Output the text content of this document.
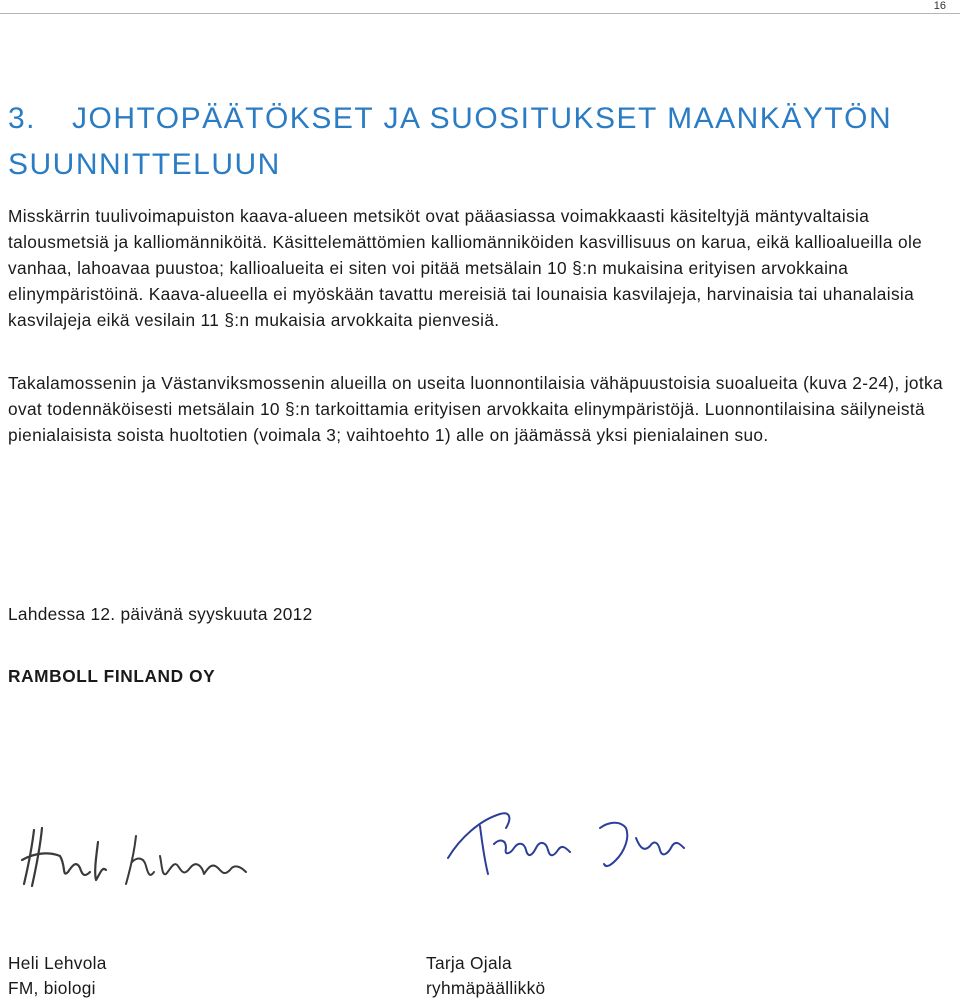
16
3. JOHTOPÄÄTÖKSET JA SUOSITUKSET MAANKÄYTÖN
SUUNNITTELUUN

Misskärrin tuulivoimapuiston kaava-alueen metsiköt ovat pääasiassa voimakkaasti käsiteltyjä mäntyvaltaisia talousmetsiä ja kalliomänniköitä. Käsittelemättömien kalliomänniköiden kasvillisuus on karua, eikä kallioalueilla ole vanhaa, lahoavaa puustoa; kallioalueita ei siten voi pitää metsälain 10 §:n mukaisina erityisen arvokkaina elinympäristöinä. Kaava-alueella ei myöskään tavattu mereisiä tai lounaisia kasvilajeja, harvinaisia tai uhanalaisia kasvilajeja eikä vesilain 11 §:n mukaisia arvokkaita pienvesiä.

Takalamossenin ja Västanviksmossenin alueilla on useita luonnontilaisia vähäpuustoisia suoalueita (kuva 2-24), jotka ovat todennäköisesti metsälain 10 §:n tarkoittamia erityisen arvokkaita elinympäristöjä. Luonnontilaisina säilyneistä pienialaisista soista huoltotien (voimala 3; vaihtoehto 1) alle on jäämässä yksi pienialainen suo.

Lahdessa 12. päivänä syyskuuta 2012
RAMBOLL FINLAND OY
Heli Lehvola
FM, biologi
Tarja Ojala
ryhmäpäällikkö
